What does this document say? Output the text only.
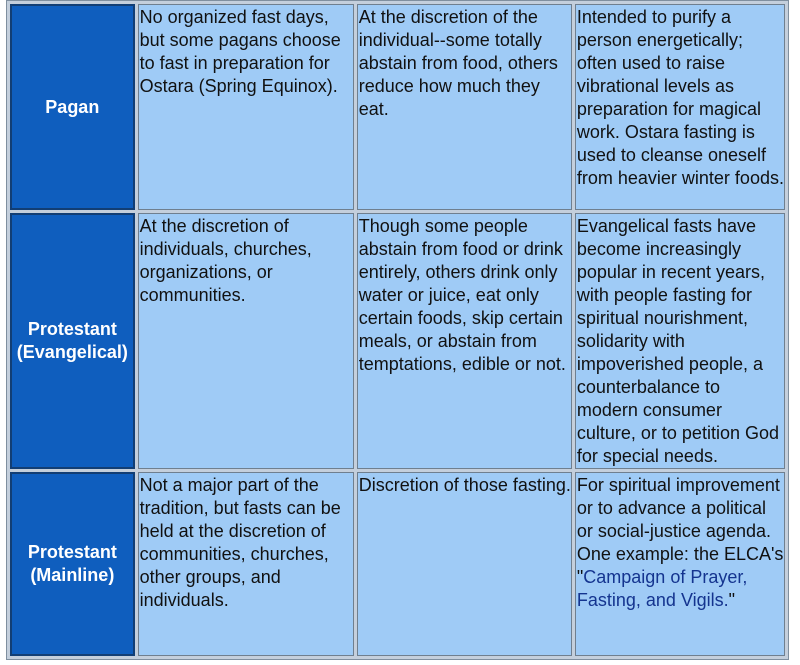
Pagan	No organized fast days, but some pagans choose to fast in preparation for Ostara (Spring Equinox).	At the discretion of the individual--some totally abstain from food, others reduce how much they eat.	Intended to purify a person energetically; often used to raise vibrational levels as preparation for magical work. Ostara fasting is used to cleanse oneself from heavier winter foods.
Protestant (Evangelical)	At the discretion of individuals, churches, organizations, or communities.	Though some people abstain from food or drink entirely, others drink only water or juice, eat only certain foods, skip certain meals, or abstain from temptations, edible or not.	Evangelical fasts have become increasingly popular in recent years, with people fasting for spiritual nourishment, solidarity with impoverished people, a counterbalance to modern consumer culture, or to petition God for special needs.
Protestant (Mainline)	Not a major part of the tradition, but fasts can be held at the discretion of communities, churches, other groups, and individuals.	Discretion of those fasting.	For spiritual improvement or to advance a political or social-justice agenda. One example: the ELCA's "Campaign of Prayer, Fasting, and Vigils."
